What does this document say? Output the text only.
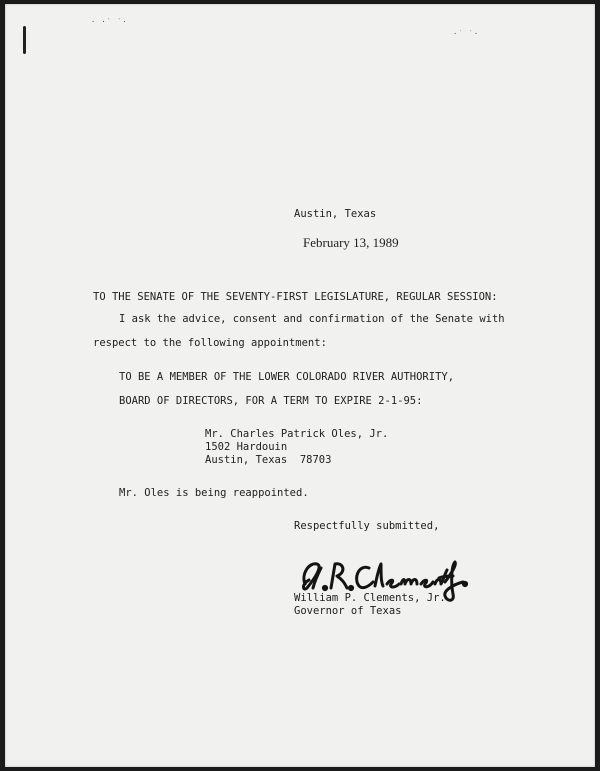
· ·˙ ˙·
·˙ ˙·
Austin, Texas
February 13, 1989
TO THE SENATE OF THE SEVENTY-FIRST LEGISLATURE, REGULAR SESSION:
I ask the advice, consent and confirmation of the Senate with
respect to the following appointment:
TO BE A MEMBER OF THE LOWER COLORADO RIVER AUTHORITY,
BOARD OF DIRECTORS, FOR A TERM TO EXPIRE 2-1-95:
Mr. Charles Patrick Oles, Jr.
1502 Hardouin
Austin, Texas  78703
Mr. Oles is being reappointed.
Respectfully submitted,
William P. Clements, Jr.
Governor of Texas
